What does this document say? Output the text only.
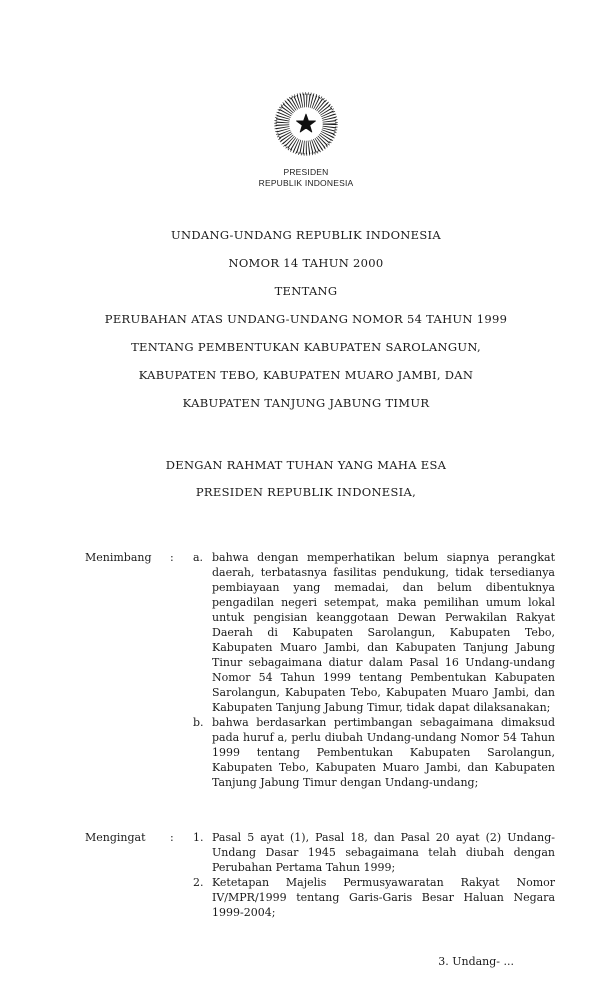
PRESIDEN
REPUBLIK INDONESIA
UNDANG-UNDANG REPUBLIK INDONESIA
NOMOR 14 TAHUN 2000
TENTANG
PERUBAHAN ATAS UNDANG-UNDANG NOMOR 54 TAHUN 1999
TENTANG PEMBENTUKAN KABUPATEN SAROLANGUN,
KABUPATEN TEBO, KABUPATEN MUARO JAMBI, DAN
KABUPATEN TANJUNG JABUNG TIMUR
DENGAN RAHMAT TUHAN YANG MAHA ESA
PRESIDEN REPUBLIK INDONESIA,
Menimbang	:	a. bahwa dengan memperhatikan belum siapnya perangkat daerah, terbatasnya fasilitas pendukung, tidak tersedianya pembiayaan yang memadai, dan belum dibentuknya pengadilan negeri setempat, maka pemilihan umum lokal untuk pengisian keanggotaan Dewan Perwakilan Rakyat Daerah di Kabupaten Sarolangun, Kabupaten Tebo, Kabupaten Muaro Jambi, dan Kabupaten Tanjung Jabung Tinur sebagaimana diatur dalam Pasal 16 Undang-undang Nomor 54 Tahun 1999 tentang Pembentukan Kabupaten Sarolangun, Kabupaten Tebo, Kabupaten Muaro Jambi, dan Kabupaten Tanjung Jabung Timur, tidak dapat dilaksanakan;
b. bahwa berdasarkan pertimbangan sebagaimana dimaksud pada huruf a, perlu diubah Undang-undang Nomor 54 Tahun 1999 tentang Pembentukan Kabupaten Sarolangun, Kabupaten Tebo, Kabupaten Muaro Jambi, dan Kabupaten Tanjung Jabung Timur dengan Undang-undang;
Mengingat	:	1. Pasal 5 ayat (1), Pasal 18, dan Pasal 20 ayat (2) Undang-Undang Dasar 1945 sebagaimana telah diubah dengan Perubahan Pertama Tahun 1999;
2. Ketetapan Majelis Permusyawaratan Rakyat Nomor IV/MPR/1999 tentang Garis-Garis Besar Haluan Negara 1999-2004;
3. Undang- ...
